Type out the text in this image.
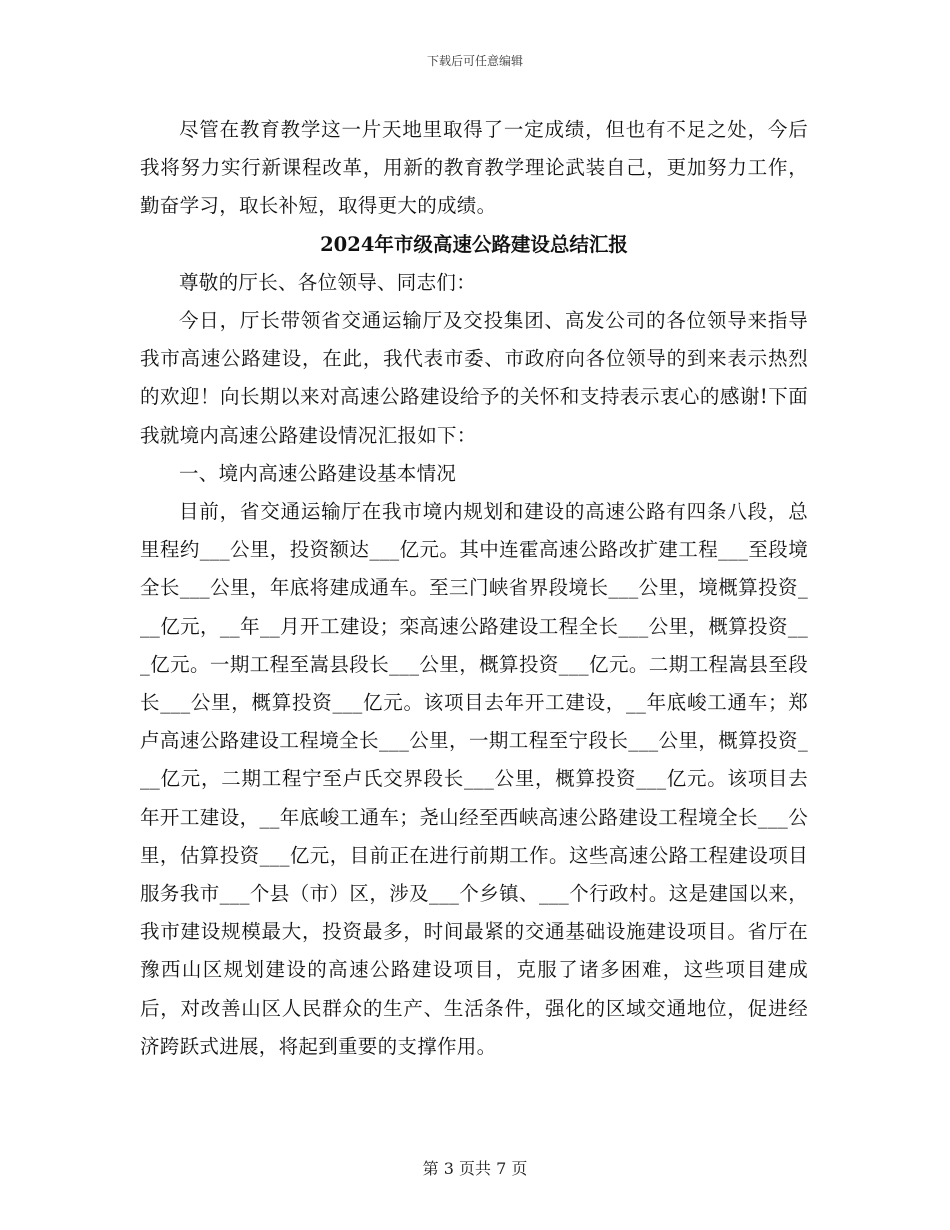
下载后可任意编辑

尽管在教育教学这一片天地里取得了一定成绩，但也有不足之处，今后我将努力实行新课程改革，用新的教育教学理论武装自己，更加努力工作，勤奋学习，取长补短，取得更大的成绩。

2024年市级高速公路建设总结汇报

尊敬的厅长、各位领导、同志们：

今日，厅长带领省交通运输厅及交投集团、高发公司的各位领导来指导我市高速公路建设，在此，我代表市委、市政府向各位领导的到来表示热烈的欢迎！向长期以来对高速公路建设给予的关怀和支持表示衷心的感谢!下面我就境内高速公路建设情况汇报如下：

一、境内高速公路建设基本情况

目前，省交通运输厅在我市境内规划和建设的高速公路有四条八段，总里程约___公里，投资额达___亿元。其中连霍高速公路改扩建工程___至段境全长___公里，年底将建成通车。至三门峡省界段境长___公里，境概算投资___亿元，__年__月开工建设；栾高速公路建设工程全长___公里，概算投资___亿元。一期工程至嵩县段长___公里，概算投资___亿元。二期工程嵩县至段长___公里，概算投资___亿元。该项目去年开工建设，__年底峻工通车；郑卢高速公路建设工程境全长___公里，一期工程至宁段长___公里，概算投资___亿元，二期工程宁至卢氏交界段长___公里，概算投资___亿元。该项目去年开工建设，__年底峻工通车；尧山经至西峡高速公路建设工程境全长___公里，估算投资___亿元，目前正在进行前期工作。这些高速公路工程建设项目服务我市___个县（市）区，涉及___个乡镇、___个行政村。这是建国以来，我市建设规模最大，投资最多，时间最紧的交通基础设施建设项目。省厅在豫西山区规划建设的高速公路建设项目，克服了诸多困难，这些项目建成后，对改善山区人民群众的生产、生活条件，强化的区域交通地位，促进经济跨跃式进展，将起到重要的支撑作用。

第 3 页共 7 页
